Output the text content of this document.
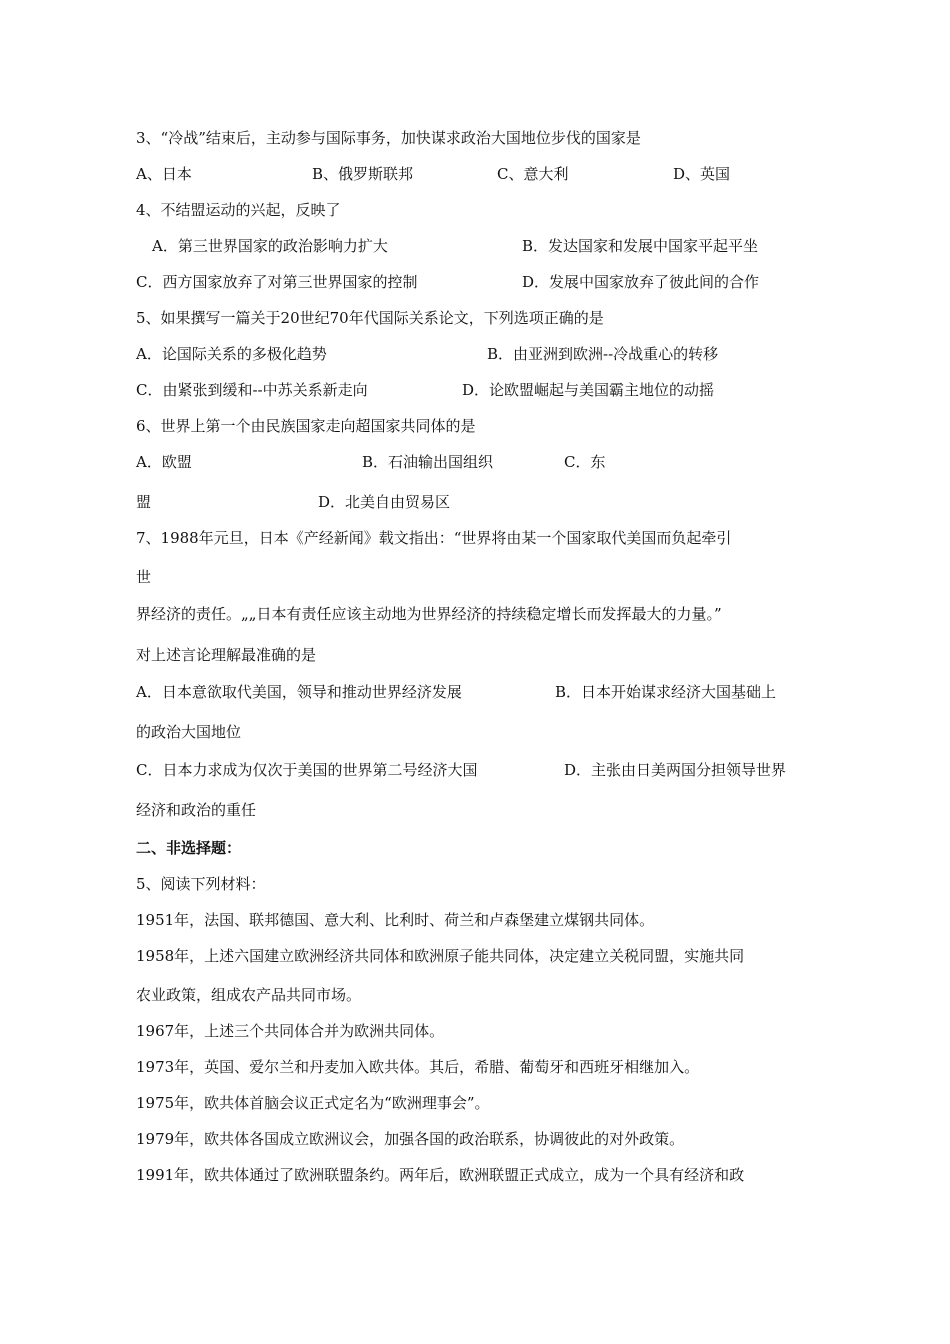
3、“冷战”结束后，主动参与国际事务，加快谋求政治大国地位步伐的国家是
A、日本	B、俄罗斯联邦	C、意大利	D、英国
4、不结盟运动的兴起，反映了
A．第三世界国家的政治影响力扩大	B．发达国家和发展中国家平起平坐
C．西方国家放弃了对第三世界国家的控制	D．发展中国家放弃了彼此间的合作
5、如果撰写一篇关于20世纪70年代国际关系论文，下列选项正确的是
A．论国际关系的多极化趋势	B．由亚洲到欧洲--冷战重心的转移
C．由紧张到缓和--中苏关系新走向	D．论欧盟崛起与美国霸主地位的动摇
6、世界上第一个由民族国家走向超国家共同体的是
A．欧盟	B．石油输出国组织	C．东
盟	D．北美自由贸易区
7、1988年元旦，日本《产经新闻》载文指出：“世界将由某一个国家取代美国而负起牵引
世
界经济的责任。„„日本有责任应该主动地为世界经济的持续稳定增长而发挥最大的力量。”
对上述言论理解最准确的是
A．日本意欲取代美国，领导和推动世界经济发展	B．日本开始谋求经济大国基础上
的政治大国地位
C．日本力求成为仅次于美国的世界第二号经济大国	D．主张由日美两国分担领导世界
经济和政治的重任
二、非选择题：
5、阅读下列材料：
1951年，法国、联邦德国、意大利、比利时、荷兰和卢森堡建立煤钢共同体。
1958年，上述六国建立欧洲经济共同体和欧洲原子能共同体，决定建立关税同盟，实施共同
农业政策，组成农产品共同市场。
1967年，上述三个共同体合并为欧洲共同体。
1973年，英国、爱尔兰和丹麦加入欧共体。其后，希腊、葡萄牙和西班牙相继加入。
1975年，欧共体首脑会议正式定名为“欧洲理事会”。
1979年，欧共体各国成立欧洲议会，加强各国的政治联系，协调彼此的对外政策。
1991年，欧共体通过了欧洲联盟条约。两年后，欧洲联盟正式成立，成为一个具有经济和政
